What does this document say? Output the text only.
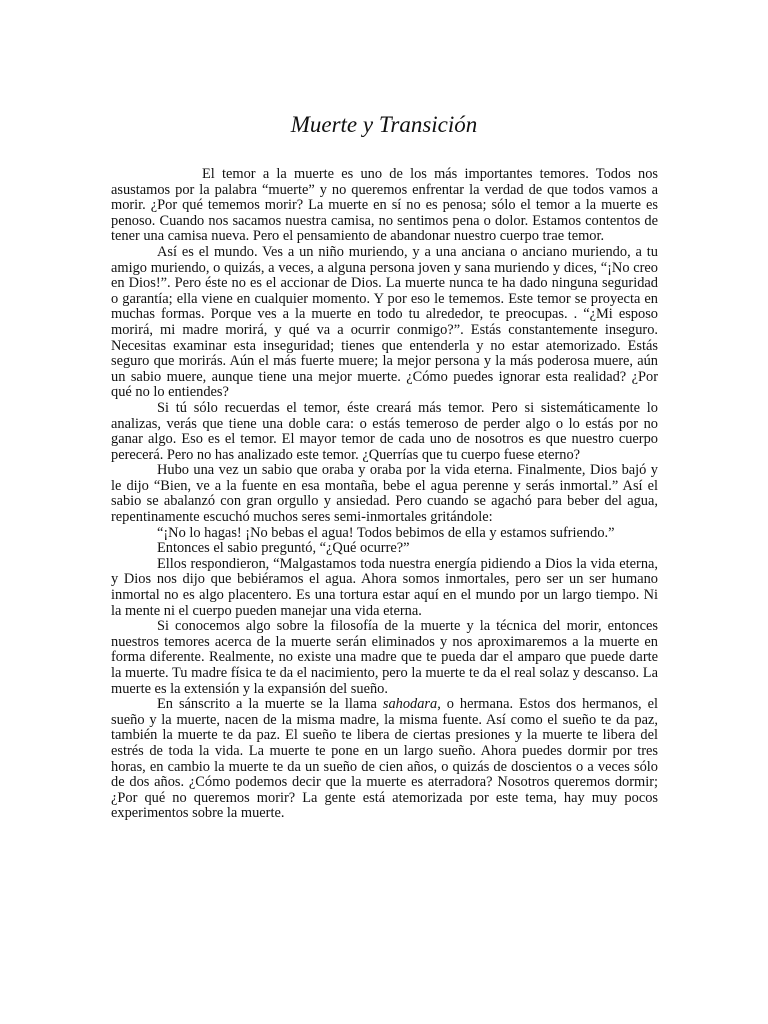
Muerte y Transición

El temor a la muerte es uno de los más importantes temores. Todos nos asustamos por la palabra “muerte” y no queremos enfrentar la verdad de que todos vamos a morir. ¿Por qué tememos morir? La muerte en sí no es penosa; sólo el temor a la muerte es penoso. Cuando nos sacamos nuestra camisa, no sentimos pena o dolor. Estamos contentos de tener una camisa nueva. Pero el pensamiento de abandonar nuestro cuerpo trae temor.

Así es el mundo. Ves a un niño muriendo, y a una anciana o anciano muriendo, a tu amigo muriendo, o quizás, a veces, a alguna persona joven y sana muriendo y dices, “¡No creo en Dios!”. Pero éste no es el accionar de Dios. La muerte nunca te ha dado ninguna seguridad o garantía; ella viene en cualquier momento. Y por eso le tememos. Este temor se proyecta en muchas formas. Porque ves a la muerte en todo tu alrededor, te preocupas. . “¿Mi esposo morirá, mi madre morirá, y qué va a ocurrir conmigo?”. Estás constantemente inseguro. Necesitas examinar esta inseguridad; tienes que entenderla y no estar atemorizado. Estás seguro que morirás. Aún el más fuerte muere; la mejor persona y la más poderosa muere, aún un sabio muere, aunque tiene una mejor muerte. ¿Cómo puedes ignorar esta realidad? ¿Por qué no lo entiendes?

Si tú sólo recuerdas el temor, éste creará más temor. Pero si sistemáticamente lo analizas, verás que tiene una doble cara: o estás temeroso de perder algo o lo estás por no ganar algo. Eso es el temor. El mayor temor de cada uno de nosotros es que nuestro cuerpo perecerá. Pero no has analizado este temor. ¿Querrías que tu cuerpo fuese eterno?

Hubo una vez un sabio que oraba y oraba por la vida eterna. Finalmente, Dios bajó y le dijo “Bien, ve a la fuente en esa montaña, bebe el agua perenne y serás inmortal.” Así el sabio se abalanzó con gran orgullo y ansiedad. Pero cuando se agachó para beber del agua, repentinamente escuchó muchos seres semi-inmortales gritándole:

“¡No lo hagas! ¡No bebas el agua! Todos bebimos de ella y estamos sufriendo.”

Entonces el sabio preguntó, “¿Qué ocurre?”

Ellos respondieron, “Malgastamos toda nuestra energía pidiendo a Dios la vida eterna, y Dios nos dijo que bebiéramos el agua. Ahora somos inmortales, pero ser un ser humano inmortal no es algo placentero. Es una tortura estar aquí en el mundo por un largo tiempo. Ni la mente ni el cuerpo pueden manejar una vida eterna.

Si conocemos algo sobre la filosofía de la muerte y la técnica del morir, entonces nuestros temores acerca de la muerte serán eliminados y nos aproximaremos a la muerte en forma diferente. Realmente, no existe una madre que te pueda dar el amparo que puede darte la muerte. Tu madre física te da el nacimiento, pero la muerte te da el real solaz y descanso. La muerte es la extensión y la expansión del sueño.

En sánscrito a la muerte se la llama sahodara, o hermana. Estos dos hermanos, el sueño y la muerte, nacen de la misma madre, la misma fuente. Así como el sueño te da paz, también la muerte te da paz. El sueño te libera de ciertas presiones y la muerte te libera del estrés de toda la vida. La muerte te pone en un largo sueño. Ahora puedes dormir por tres horas, en cambio la muerte te da un sueño de cien años, o quizás de doscientos o a veces sólo de dos años. ¿Cómo podemos decir que la muerte es aterradora? Nosotros queremos dormir; ¿Por qué no queremos morir? La gente está atemorizada por este tema, hay muy pocos experimentos sobre la muerte.
